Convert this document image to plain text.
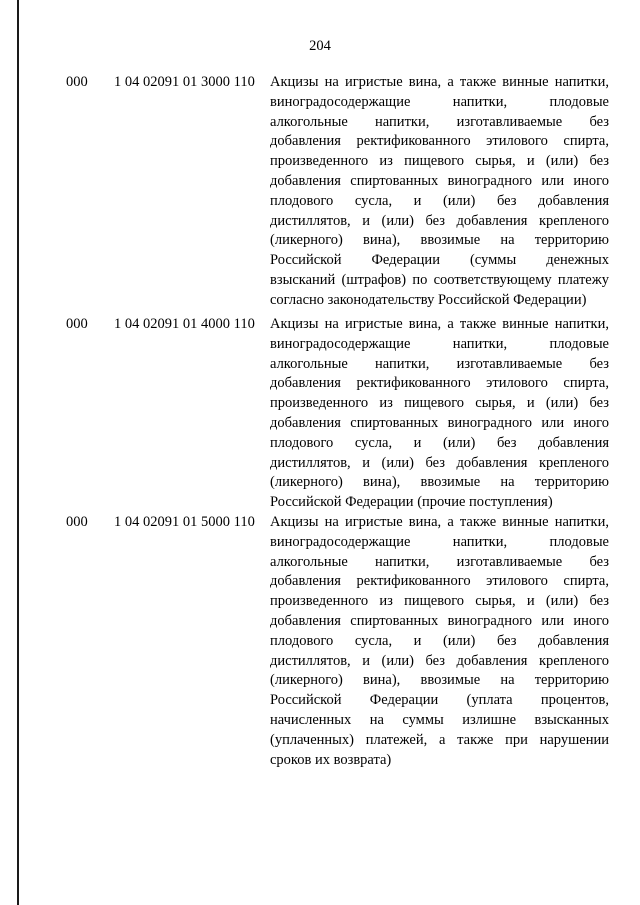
204
000 1 04 02091 01 3000 110 Акцизы на игристые вина, а также винные напитки,
виноградосодержащие напитки, плодовые
алкогольные напитки, изготавливаемые без
добавления ректификованного этилового спирта,
произведенного из пищевого сырья, и (или) без
добавления спиртованных виноградного или иного
плодового сусла, и (или) без добавления
дистиллятов, и (или) без добавления крепленого
(ликерного) вина), ввозимые на территорию
Российской Федерации (суммы денежных
взысканий (штрафов) по соответствующему платежу
согласно законодательству Российской Федерации)
000 1 04 02091 01 4000 110 Акцизы на игристые вина, а также винные напитки,
виноградосодержащие напитки, плодовые
алкогольные напитки, изготавливаемые без
добавления ректификованного этилового спирта,
произведенного из пищевого сырья, и (или) без
добавления спиртованных виноградного или иного
плодового сусла, и (или) без добавления
дистиллятов, и (или) без добавления крепленого
(ликерного) вина), ввозимые на территорию
Российской Федерации (прочие поступления)
000 1 04 02091 01 5000 110 Акцизы на игристые вина, а также винные напитки,
виноградосодержащие напитки, плодовые
алкогольные напитки, изготавливаемые без
добавления ректификованного этилового спирта,
произведенного из пищевого сырья, и (или) без
добавления спиртованных виноградного или иного
плодового сусла, и (или) без добавления
дистиллятов, и (или) без добавления крепленого
(ликерного) вина), ввозимые на территорию
Российской Федерации (уплата процентов,
начисленных на суммы излишне взысканных
(уплаченных) платежей, а также при нарушении
сроков их возврата)
